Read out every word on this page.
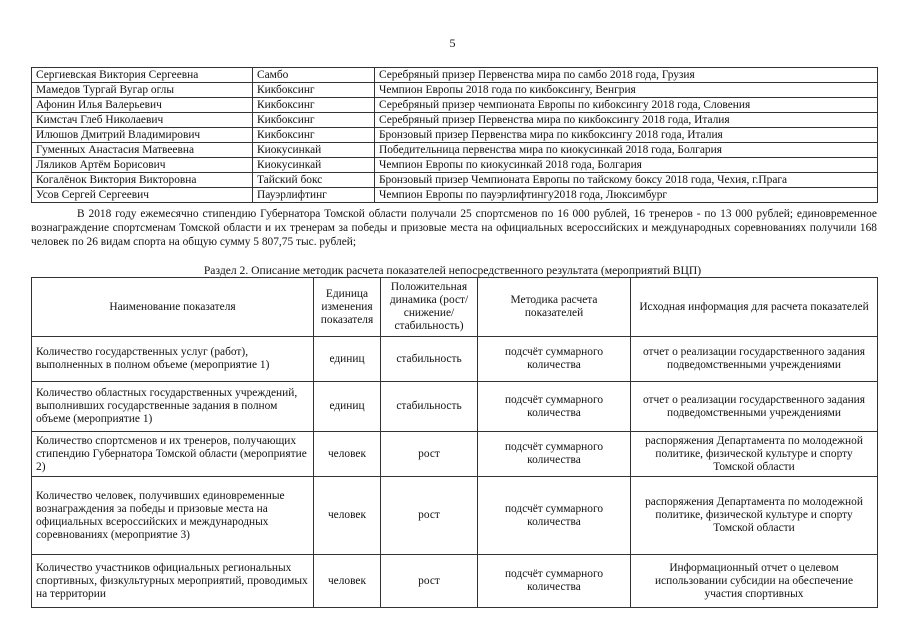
5
Сергиевская Виктория Сергеевна	Самбо	Серебряный призер Первенства мира по самбо 2018 года, Грузия
Мамедов Тургай Вугар оглы	Кикбоксинг	Чемпион Европы 2018 года по кикбоксингу, Венгрия
Афонин Илья Валерьевич	Кикбоксинг	Серебряный призер чемпионата Европы по кибоксингу 2018 года, Словения
Кимстач Глеб Николаевич	Кикбоксинг	Серебряный призер Первенства мира по кикбоксингу 2018 года, Италия
Илюшов Дмитрий Владимирович	Кикбоксинг	Бронзовый призер Первенства мира по кикбоксингу 2018 года, Италия
Гуменных Анастасия Матвеевна	Киокусинкай	Победительница первенства мира по киокусинкай 2018 года, Болгария
Ляликов Артём Борисович	Киокусинкай	Чемпион Европы по киокусинкай 2018 года, Болгария
Когалёнок Виктория Викторовна	Тайский бокс	Бронзовый призер Чемпионата Европы по тайскому боксу 2018 года, Чехия, г.Прага
Усов Сергей Сергеевич	Пауэрлифтинг	Чемпион Европы по пауэрлифтингу2018 года, Люксимбург

В 2018 году ежемесячно стипендию Губернатора Томской области получали 25 спортсменов по 16 000 рублей, 16 тренеров - по 13 000 рублей; единовременное вознаграждение спортсменам Томской области и их тренерам за победы и призовые места на официальных всероссийских и международных соревнованиях получили 168 человек по 26 видам спорта на общую сумму 5 807,75 тыс. рублей;

Раздел 2. Описание методик расчета показателей непосредственного результата (мероприятий ВЦП)
Наименование показателя	Единица изменения показателя	Положительная динамика (рост/ снижение/ стабильность)	Методика расчета показателей	Исходная информация для расчета показателей

Количество государственных услуг (работ), выполненных в полном объеме (мероприятие 1)	единиц	стабильность	подсчёт суммарного количества	отчет о реализации государственного задания подведомственными учреждениями

Количество областных государственных учреждений, выполнивших государственные задания в полном объеме (мероприятие 1)	единиц	стабильность	подсчёт суммарного количества	отчет о реализации государственного задания подведомственными учреждениями

Количество спортсменов и их тренеров, получающих стипендию Губернатора Томской области (мероприятие 2)	человек	рост	подсчёт суммарного количества	распоряжения Департамента по молодежной политике, физической культуре и спорту Томской области

Количество человек, получивших единовременные вознаграждения за победы и призовые места на официальных всероссийских и международных соревнованиях (мероприятие 3)	человек	рост	подсчёт суммарного количества	распоряжения Департамента по молодежной политике, физической культуре и спорту Томской области

Количество участников официальных региональных спортивных, физкультурных мероприятий, проводимых на территории	человек	рост	подсчёт суммарного количества	Информационный отчет о целевом использовании субсидии на обеспечение участия спортивных
